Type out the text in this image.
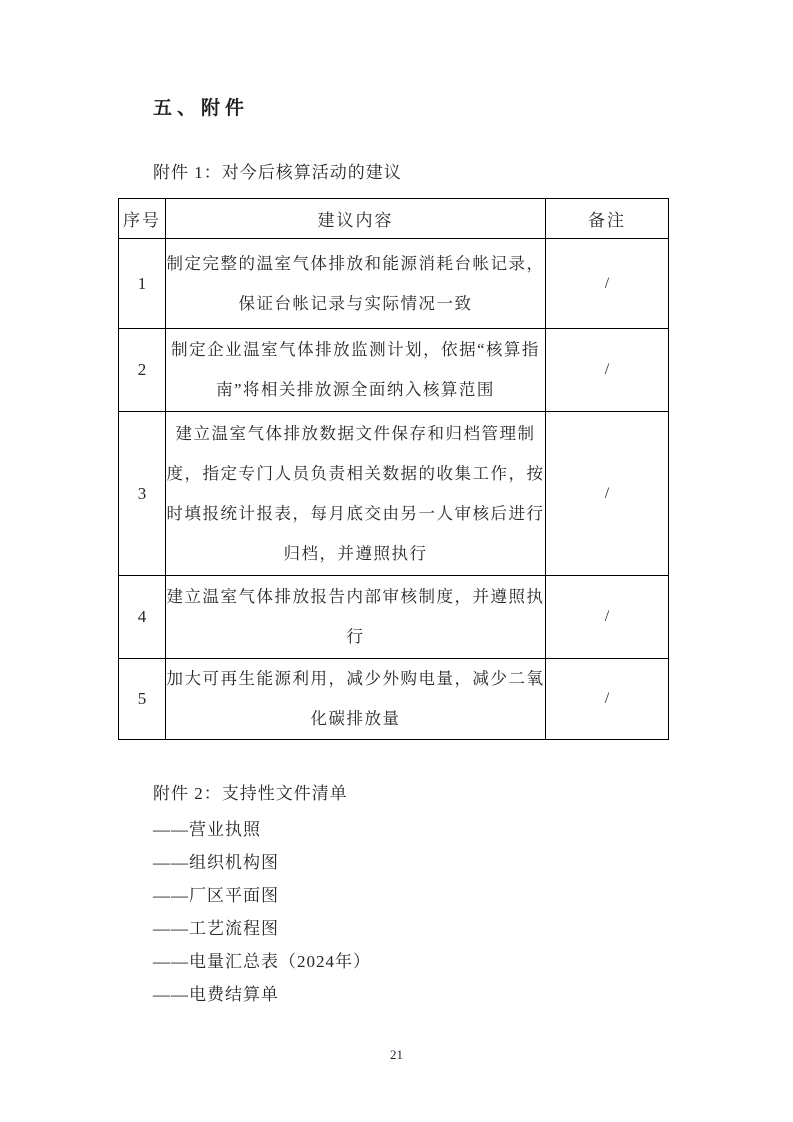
五、附件
附件 1：对今后核算活动的建议
序号	建议内容	备注
1	制定完整的温室气体排放和能源消耗台帐记录，保证台帐记录与实际情况一致	/
2	制定企业温室气体排放监测计划，依据“核算指南”将相关排放源全面纳入核算范围	/
3	建立温室气体排放数据文件保存和归档管理制度，指定专门人员负责相关数据的收集工作，按时填报统计报表，每月底交由另一人审核后进行归档，并遵照执行	/
4	建立温室气体排放报告内部审核制度，并遵照执行	/
5	加大可再生能源利用，减少外购电量，减少二氧化碳排放量	/
附件 2：支持性文件清单
——营业执照
——组织机构图
——厂区平面图
——工艺流程图
——电量汇总表（2024年）
——电费结算单
21
